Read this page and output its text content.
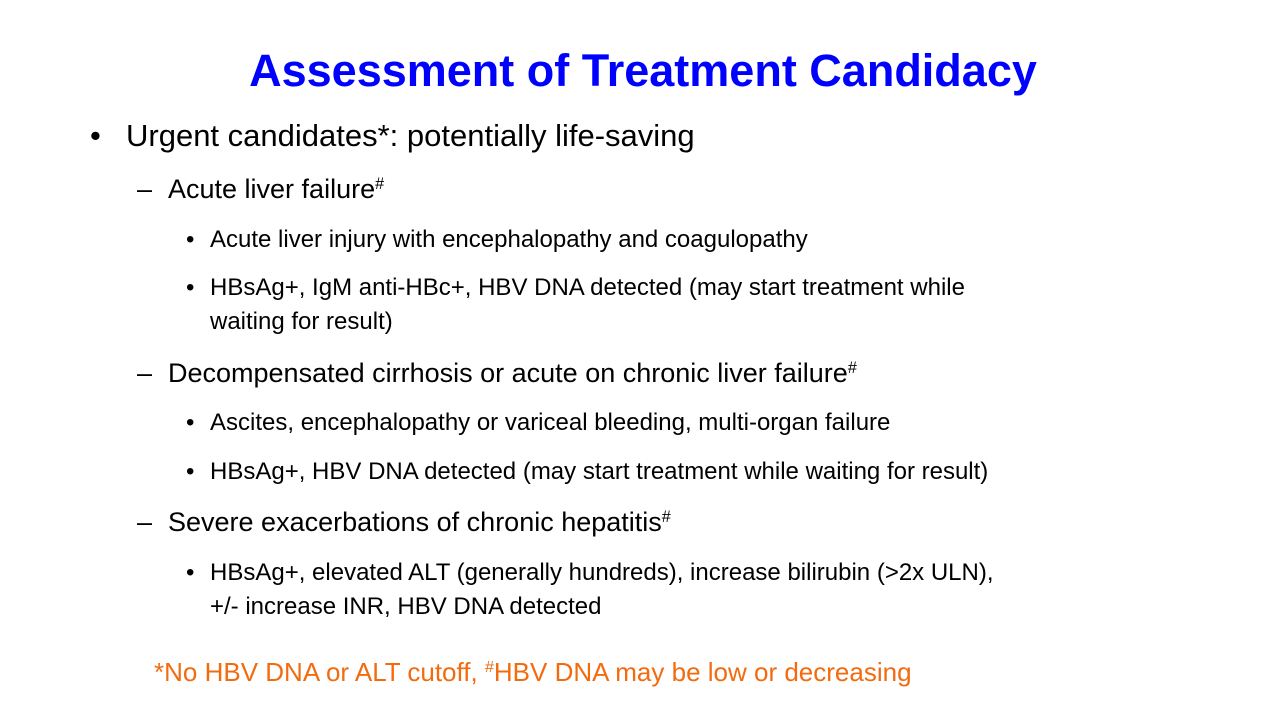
Assessment of Treatment Candidacy
• Urgent candidates*: potentially life-saving
– Acute liver failure#
• Acute liver injury with encephalopathy and coagulopathy
• HBsAg+, IgM anti-HBc+, HBV DNA detected (may start treatment while
waiting for result)
– Decompensated cirrhosis or acute on chronic liver failure#
• Ascites, encephalopathy or variceal bleeding, multi-organ failure
• HBsAg+, HBV DNA detected (may start treatment while waiting for result)
– Severe exacerbations of chronic hepatitis#
• HBsAg+, elevated ALT (generally hundreds), increase bilirubin (>2x ULN),
+/- increase INR, HBV DNA detected
*No HBV DNA or ALT cutoff, #HBV DNA may be low or decreasing
